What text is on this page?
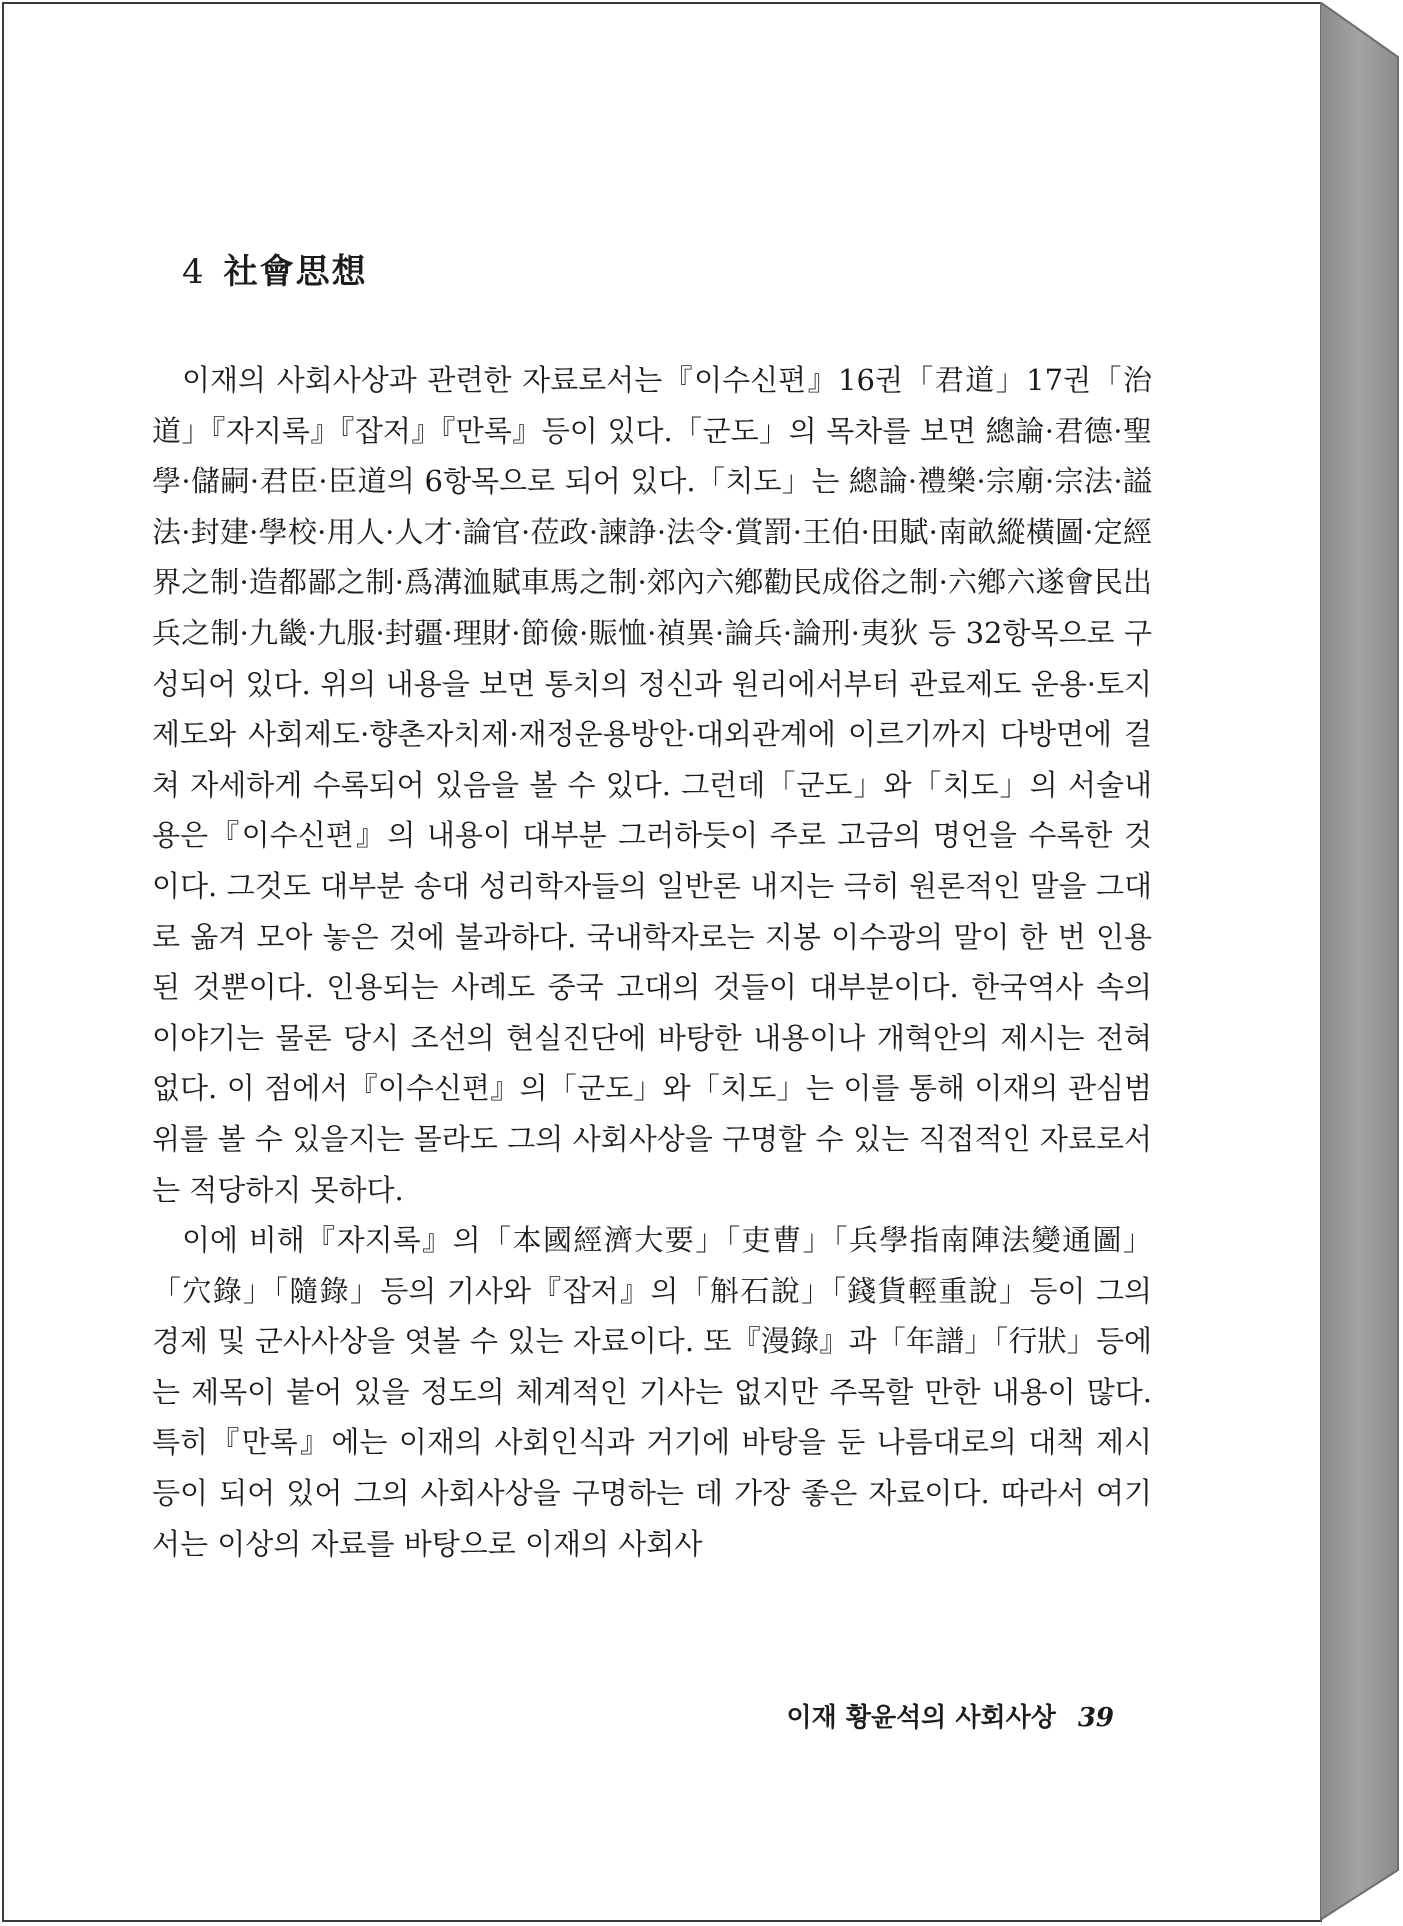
4 社會思想

이재의 사회사상과 관련한 자료로서는『이수신편』16권「君道」17권「治道」『자지록』『잡저』『만록』등이 있다.「군도」의 목차를 보면 總論·君德·聖學·儲嗣·君臣·臣道의 6항목으로 되어 있다.「치도」는 總論·禮樂·宗廟·宗法·謚法·封建·學校·用人·人才·論官·莅政·諫諍·法令·賞罰·王伯·田賦·南畝縱橫圖·定經界之制·造都鄙之制·爲溝洫賦車馬之制·郊內六鄕勸民成俗之制·六鄕六遂會民出兵之制·九畿·九服·封疆·理財·節儉·賑恤·禎異·論兵·論刑·夷狄 등 32항목으로 구성되어 있다. 위의 내용을 보면 통치의 정신과 원리에서부터 관료제도 운용·토지제도와 사회제도·향촌자치제·재정운용방안·대외관계에 이르기까지 다방면에 걸쳐 자세하게 수록되어 있음을 볼 수 있다. 그런데「군도」와「치도」의 서술내용은『이수신편』의 내용이 대부분 그러하듯이 주로 고금의 명언을 수록한 것이다. 그것도 대부분 송대 성리학자들의 일반론 내지는 극히 원론적인 말을 그대로 옮겨 모아 놓은 것에 불과하다. 국내학자로는 지봉 이수광의 말이 한 번 인용된 것뿐이다. 인용되는 사례도 중국 고대의 것들이 대부분이다. 한국역사 속의 이야기는 물론 당시 조선의 현실진단에 바탕한 내용이나 개혁안의 제시는 전혀 없다. 이 점에서『이수신편』의「군도」와「치도」는 이를 통해 이재의 관심범위를 볼 수 있을지는 몰라도 그의 사회사상을 구명할 수 있는 직접적인 자료로서는 적당하지 못하다.

이에 비해『자지록』의「本國經濟大要」「吏曹」「兵學指南陣法變通圖」「穴錄」「隨錄」등의 기사와『잡저』의「斛石說」「錢貨輕重說」등이 그의 경제 및 군사사상을 엿볼 수 있는 자료이다. 또『漫錄』과「年譜」「行狀」등에는 제목이 붙어 있을 정도의 체계적인 기사는 없지만 주목할 만한 내용이 많다. 특히『만록』에는 이재의 사회인식과 거기에 바탕을 둔 나름대로의 대책 제시 등이 되어 있어 그의 사회사상을 구명하는 데 가장 좋은 자료이다. 따라서 여기서는 이상의 자료를 바탕으로 이재의 사회사

이재 황윤석의 사회사상 39
